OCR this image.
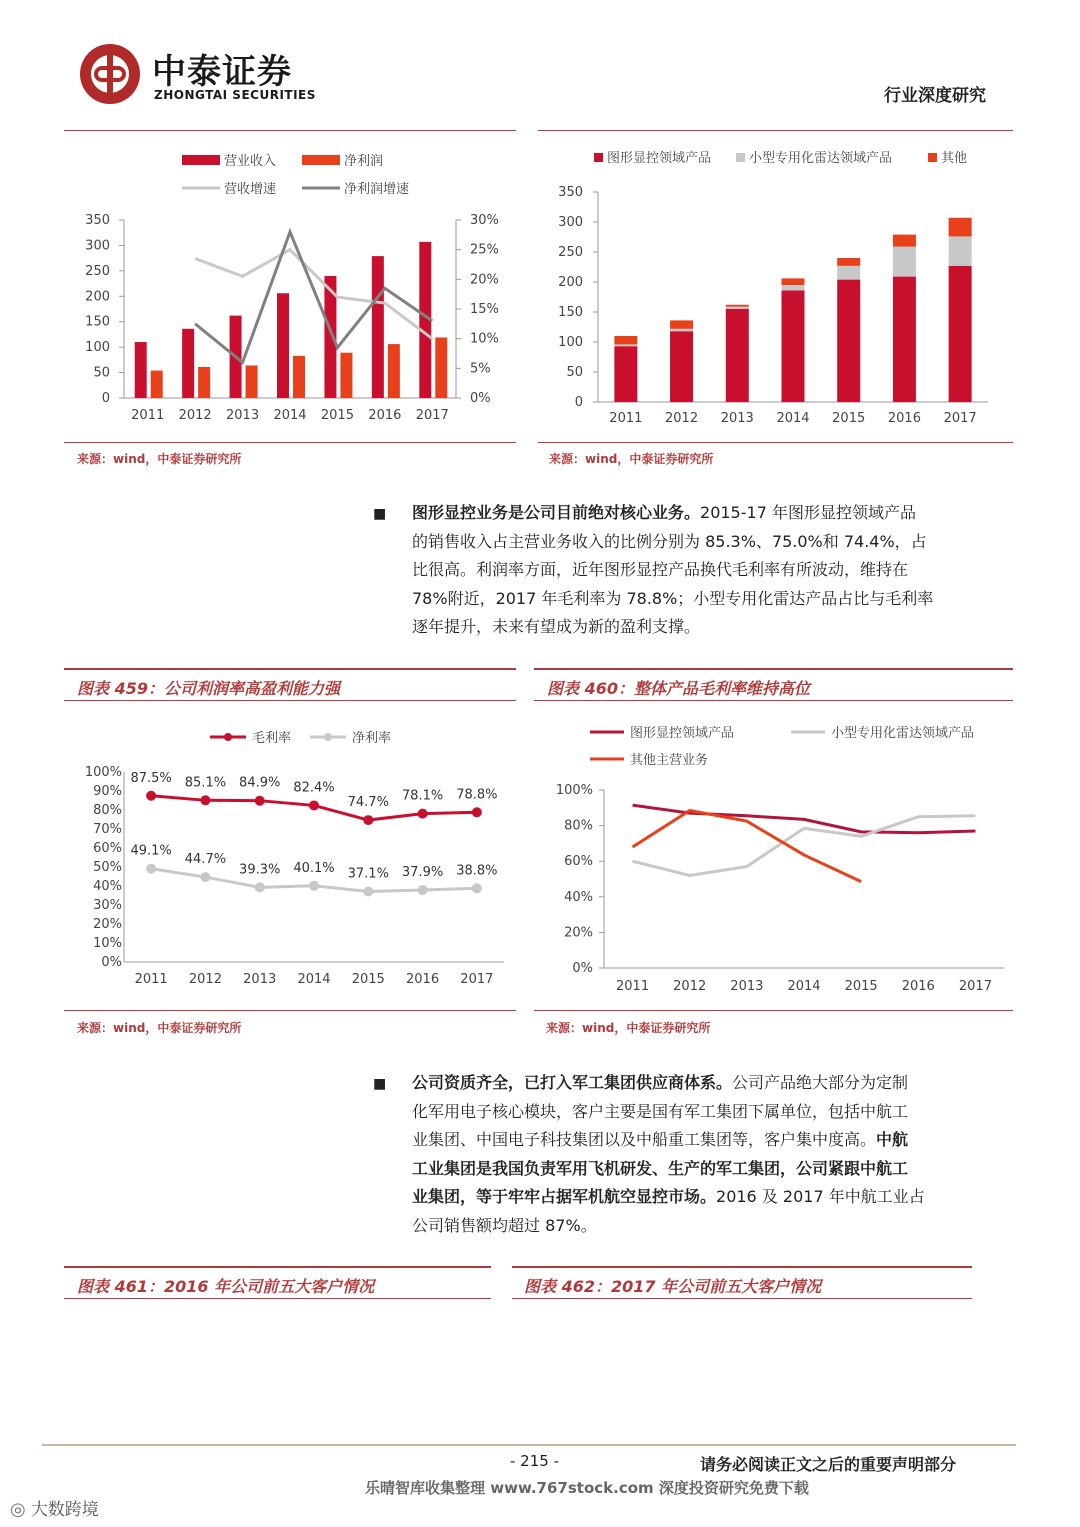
中泰证券
ZHONGTAI SECURITIES	行业深度研究
营业收入	净利润
营收增速	净利润增速
0
50
100
150
200
250
300
350
0%
5%
10%
15%
20%
25%
30%
2011 2012 2013 2014 2015 2016 2017
图形显控领域产品	小型专用化雷达领域产品	其他
0
50
100
150
200
250
300
350
2011 2012 2013 2014 2015 2016 2017
来源：wind，中泰证券研究所	来源：wind，中泰证券研究所
■ 图形显控业务是公司目前绝对核心业务。2015-17 年图形显控领域产品
的销售收入占主营业务收入的比例分别为 85.3%、75.0%和 74.4%，占
比很高。利润率方面，近年图形显控产品换代毛利率有所波动，维持在
78%附近，2017 年毛利率为 78.8%；小型专用化雷达产品占比与毛利率
逐年提升，未来有望成为新的盈利支撑。
图表 459：公司利润率高盈利能力强	图表 460：整体产品毛利率维持高位
毛利率	净利率
0%
10%
20%
30%
40%
50%
60%
70%
80%
90%
100%
2011 2012 2013 2014 2015 2016 2017
87.5% 85.1% 84.9% 82.4%
74.7% 78.1% 78.8%
49.1%
44.7%
39.3% 40.1% 37.1% 37.9% 38.8%
图形显控领域产品	小型专用化雷达领域产品
其他主营业务
0%
20%
40%
60%
80%
100%
2011 2012 2013 2014 2015 2016 2017
来源：wind，中泰证券研究所	来源：wind，中泰证券研究所
■ 公司资质齐全，已打入军工集团供应商体系。公司产品绝大部分为定制
化军用电子核心模块，客户主要是国有军工集团下属单位，包括中航工
业集团、中国电子科技集团以及中船重工集团等，客户集中度高。中航
工业集团是我国负责军用飞机研发、生产的军工集团，公司紧跟中航工
业集团，等于牢牢占据军机航空显控市场。2016 及 2017 年中航工业占
公司销售额均超过 87%。
图表 461：2016 年公司前五大客户情况	图表 462：2017 年公司前五大客户情况
- 215 -	请务必阅读正文之后的重要声明部分
乐晴智库收集整理 www.767stock.com 深度投资研究免费下载
◎ 大数跨境
